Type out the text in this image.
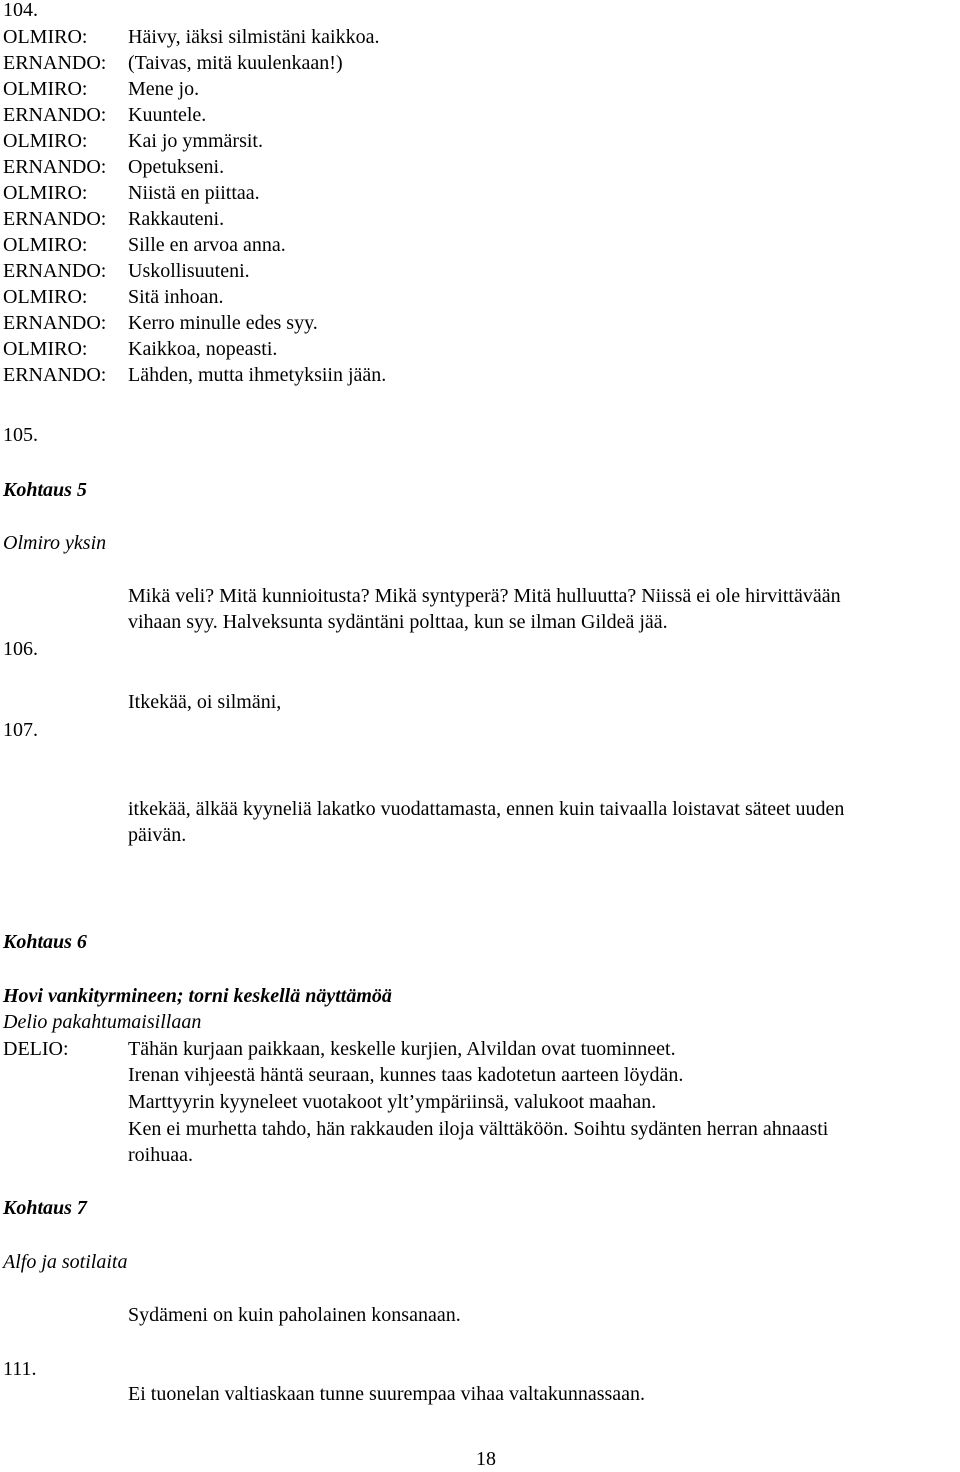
104.
OLMIRO: Häivy, iäksi silmistäni kaikkoa.
ERNANDO: (Taivas, mitä kuulenkaan!)
OLMIRO: Mene jo.
ERNANDO: Kuuntele.
OLMIRO: Kai jo ymmärsit.
ERNANDO: Opetukseni.
OLMIRO: Niistä en piittaa.
ERNANDO: Rakkauteni.
OLMIRO: Sille en arvoa anna.
ERNANDO: Uskollisuuteni.
OLMIRO: Sitä inhoan.
ERNANDO: Kerro minulle edes syy.
OLMIRO: Kaikkoa, nopeasti.
ERNANDO: Lähden, mutta ihmetyksiin jään.
105.
Kohtaus 5
Olmiro yksin
Mikä veli? Mitä kunnioitusta? Mikä syntyperä? Mitä hulluutta? Niissä ei ole hirvittävään
vihaan syy. Halveksunta sydäntäni polttaa, kun se ilman Gildeä jää.
106.
Itkekää, oi silmäni,
107.
itkekää, älkää kyyneliä lakatko vuodattamasta, ennen kuin taivaalla loistavat säteet uuden
päivän.
Kohtaus 6
Hovi vankityrmineen; torni keskellä näyttämöä
Delio pakahtumaisillaan
DELIO:	Tähän kurjaan paikkaan, keskelle kurjien, Alvildan ovat tuominneet.
Irenan vihjeestä häntä seuraan, kunnes taas kadotetun aarteen löydän.
Marttyyrin kyyneleet vuotakoot ylt’ympäriinsä, valukoot maahan.
Ken ei murhetta tahdo, hän rakkauden iloja välttäköön. Soihtu sydänten herran ahnaasti
roihuaa.
Kohtaus 7
Alfo ja sotilaita
Sydämeni on kuin paholainen konsanaan.
111.
Ei tuonelan valtiaskaan tunne suurempaa vihaa valtakunnassaan.
18
